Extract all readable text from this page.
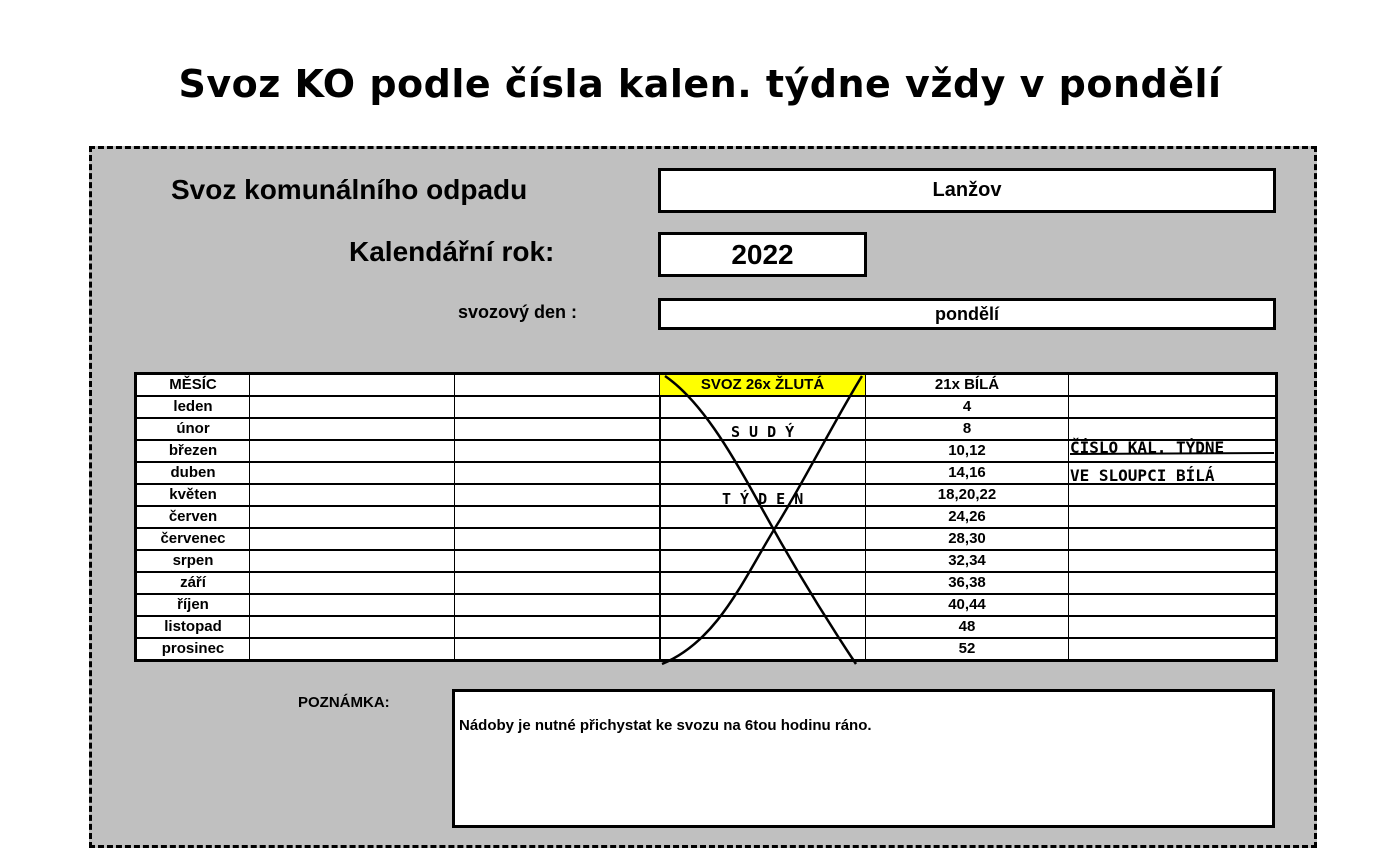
Svoz KO podle čísla kalen. týdne vždy v pondělí
Svoz komunálního odpadu	Lanžov
Kalendářní rok:	2022
svozový den :	pondělí
MĚSÍC			SVOZ 26x ŽLUTÁ	21x BÍLÁ	
leden				4	
únor				8	
březen				10,12	
duben				14,16	
květen				18,20,22	
červen				24,26	
červenec				28,30	
srpen				32,34	
září				36,38	
říjen				40,44	
listopad				48	
prosinec				52	
S U D Ý
T Ý D E N
ČÍSLO KAL. TÝDNE
VE SLOUPCI BÍLÁ
POZNÁMKA:
Nádoby je nutné přichystat ke svozu na 6tou hodinu ráno.
